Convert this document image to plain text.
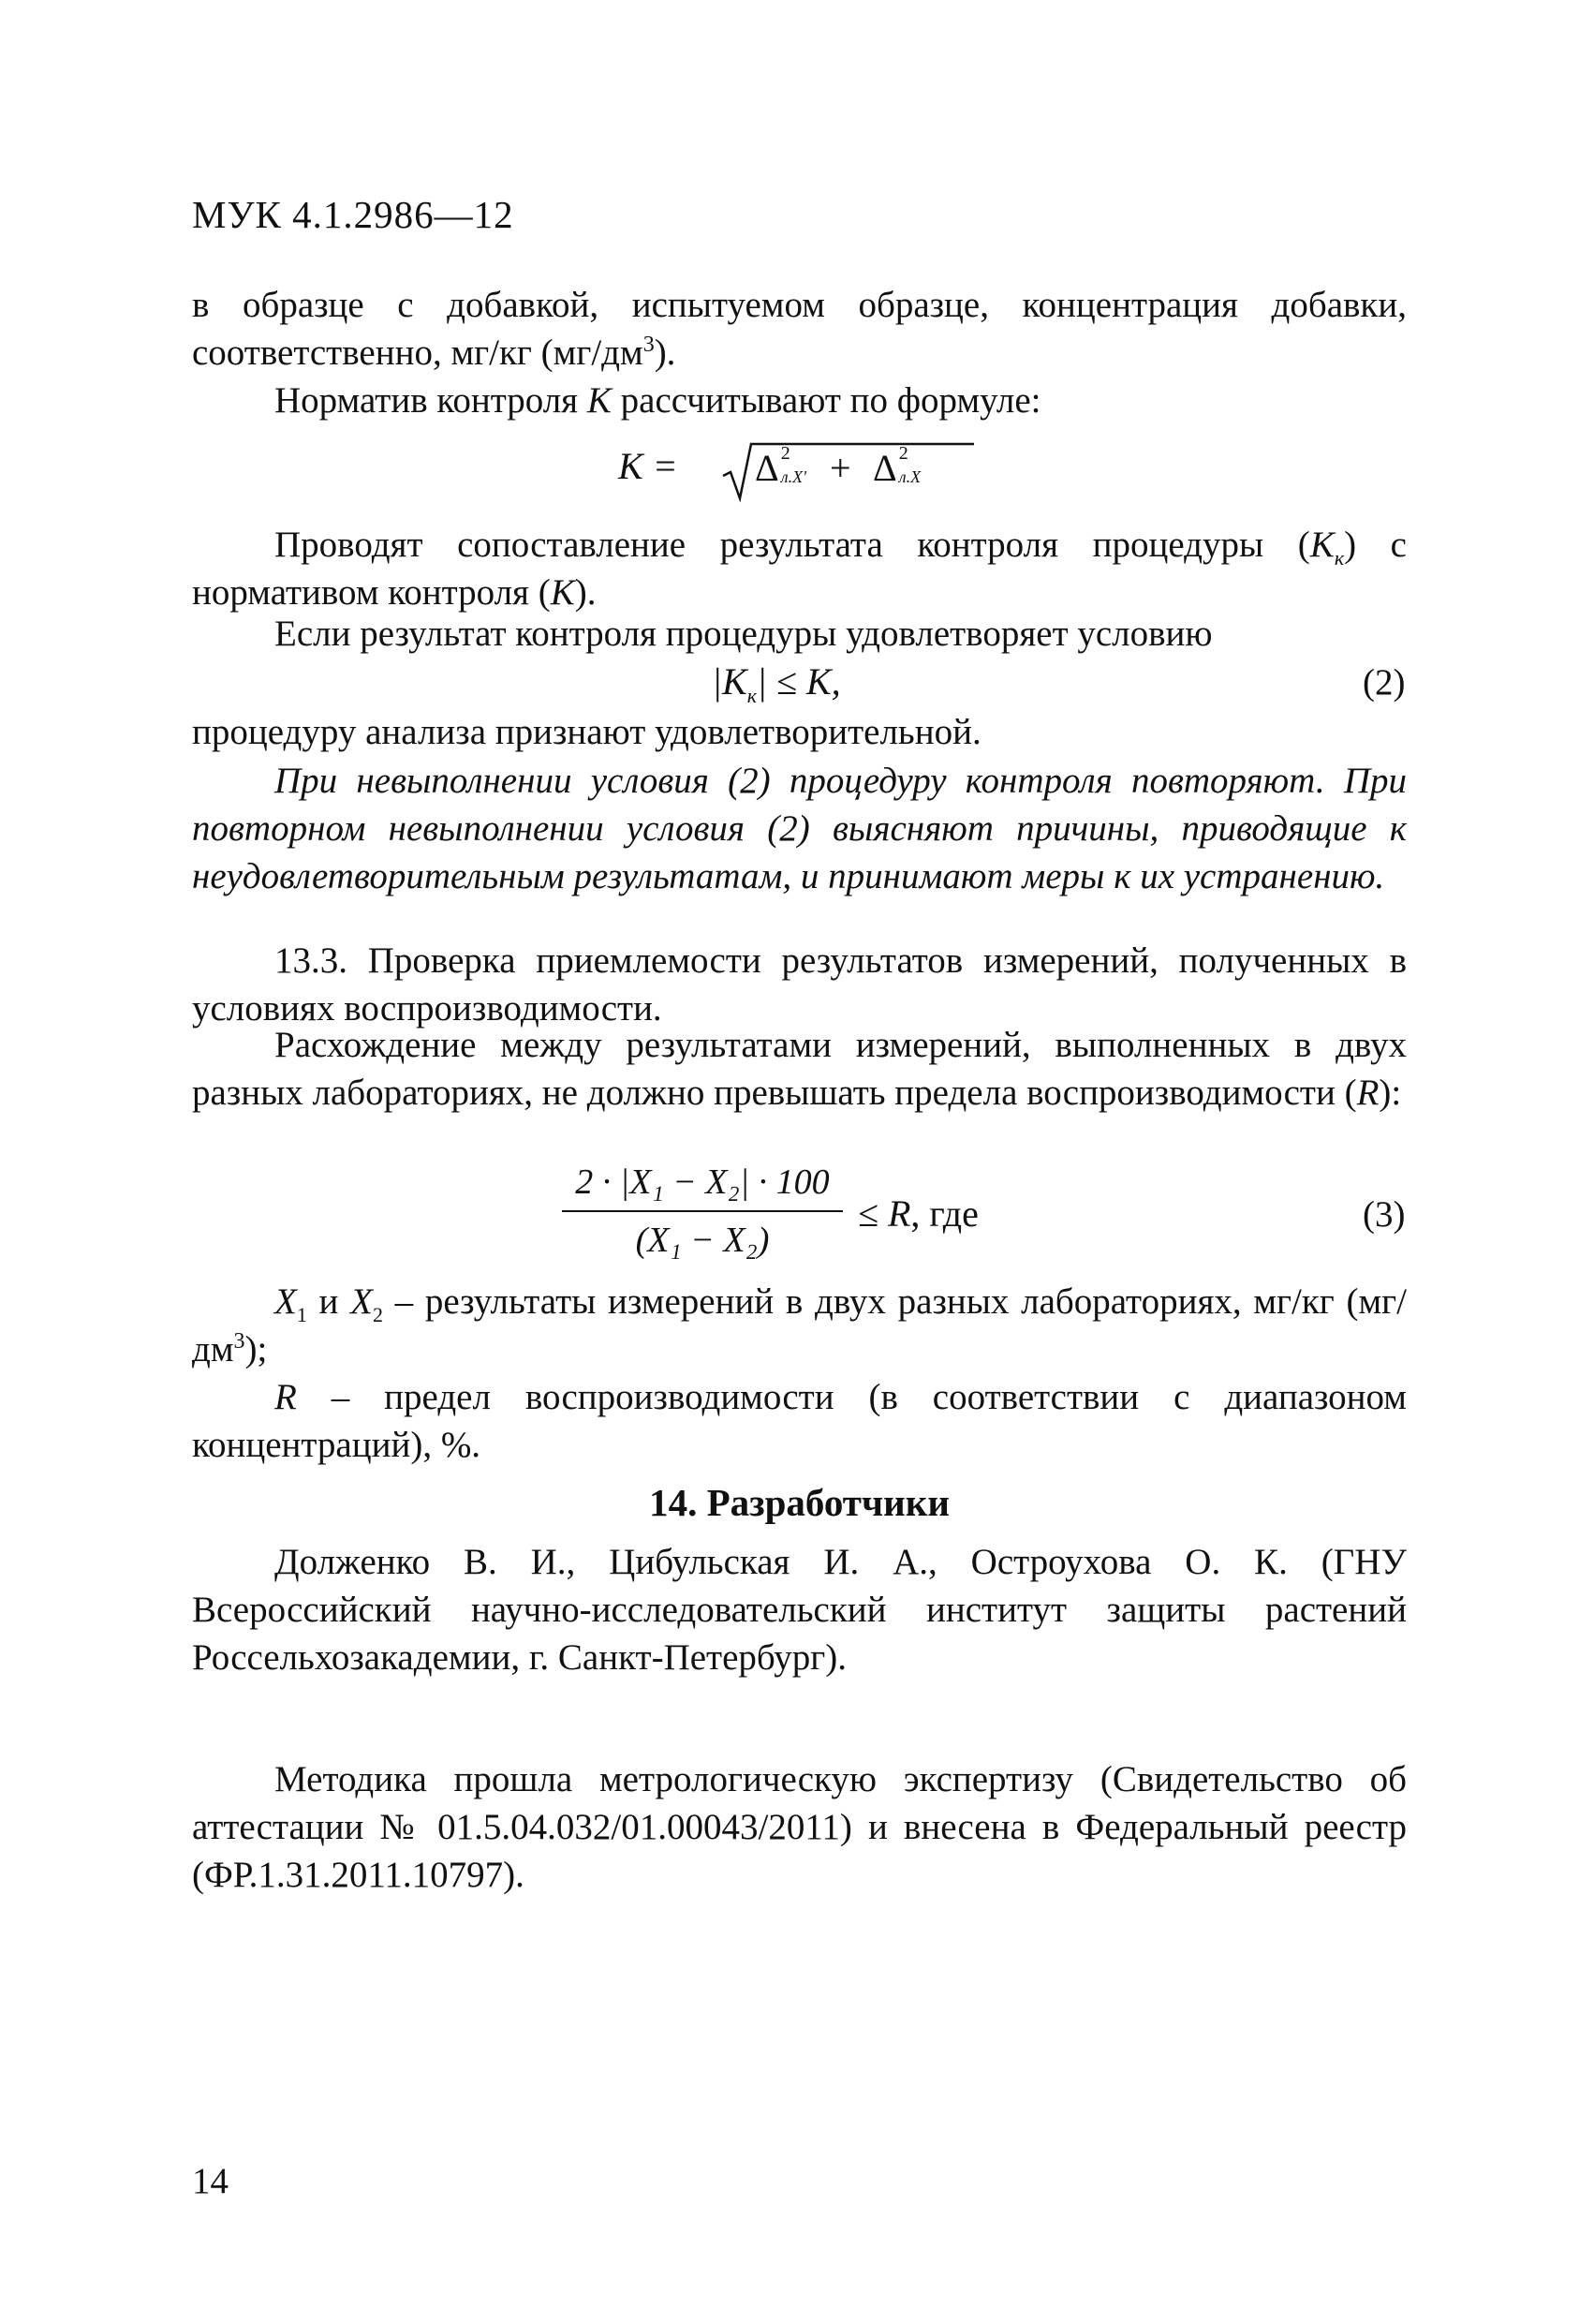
МУК 4.1.2986—12
в образце с добавкой, испытуемом образце, концентрация добавки, соответственно, мг/кг $(мг/дм^3)$.
Норматив контроля K рассчитывают по формуле:
K = Δ 2
л.X' + Δ 2
л.X
Проводят сопоставление результата контроля процедуры $(K_к)$ с нормативом контроля (K).
Если результат контроля процедуры удовлетворяет условию
$|K_к| \le K$,	(2)
процедуру анализа признают удовлетворительной.
При невыполнении условия (2) процедуру контроля повторяют. При повторном невыполнении условия (2) выясняют причины, приводящие к неудовлетворительным результатам, и принимают меры к их устранению.
13.3. Проверка приемлемости результатов измерений, полученных в условиях воспроизводимости.
Расхождение между результатами измерений, выполненных в двух разных лабораториях, не должно превышать предела воспроизводимости (R):
2 · |X₁ − X₂| · 100
(X₁ − X₂)
≤ R, где	(3)
$X_1$ и $X_2$ – результаты измерений в двух разных лабораториях, мг/кг $(мг/дм^3)$;
R – предел воспроизводимости (в соответствии с диапазоном концентраций), %.
14. Разработчики
Долженко В. И., Цибульская И. А., Остроухова О. К. (ГНУ Всероссийский научно-исследовательский институт защиты растений Россельхозакадемии, г. Санкт-Петербург).
Методика прошла метрологическую экспертизу (Свидетельство об аттестации № 01.5.04.032/01.00043/2011) и внесена в Федеральный реестр (ФР.1.31.2011.10797).
14
